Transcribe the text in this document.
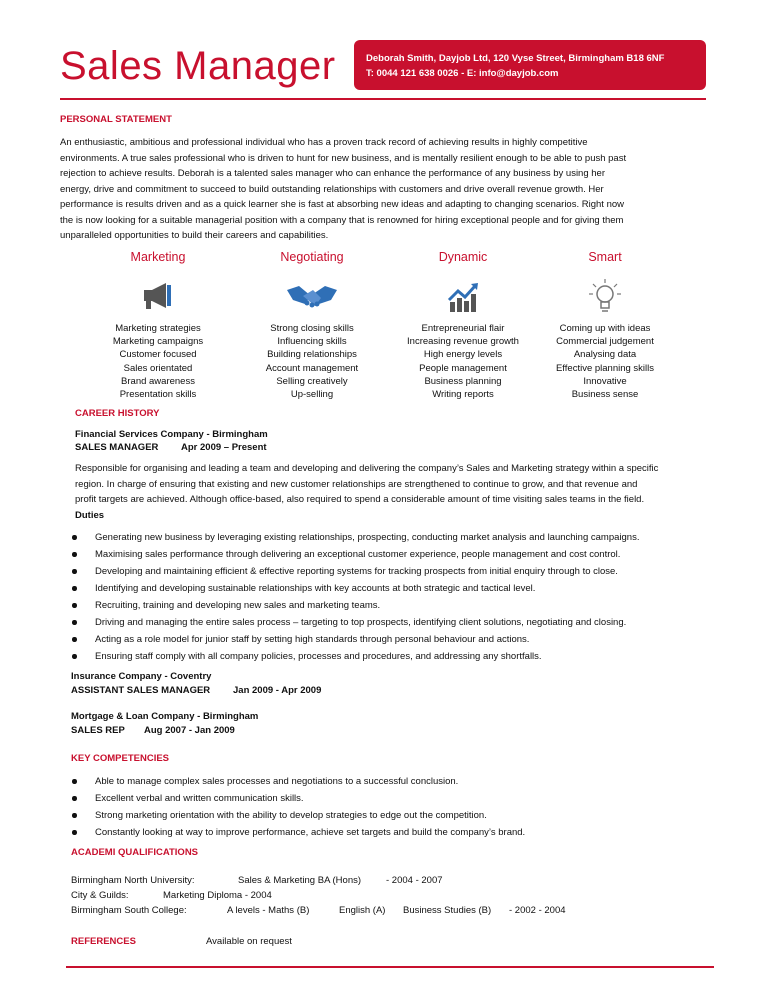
Sales Manager	Deborah Smith, Dayjob Ltd, 120 Vyse Street, Birmingham B18 6NF
T: 0044 121 638 0026 - E: info@dayjob.com
PERSONAL STATEMENT
An enthusiastic, ambitious and professional individual who has a proven track record of achieving results in highly competitive
environments. A true sales professional who is driven to hunt for new business, and is mentally resilient enough to be able to push past
rejection to achieve results. Deborah is a talented sales manager who can enhance the performance of any business by using her
energy, drive and commitment to succeed to build outstanding relationships with customers and drive overall revenue growth. Her
performance is results driven and as a quick learner she is fast at absorbing new ideas and adapting to changing scenarios. Right now
the is now looking for a suitable managerial position with a company that is renowned for hiring exceptional people and for giving them
unparalleled opportunities to build their careers and capabilities.
Marketing
Marketing strategies
Marketing campaigns
Customer focused
Sales orientated
Brand awareness
Presentation skills
Negotiating
Strong closing skills
Influencing skills
Building relationships
Account management
Selling creatively
Up-selling
Dynamic
Entrepreneurial flair
Increasing revenue growth
High energy levels
People management
Business planning
Writing reports
Smart
Coming up with ideas
Commercial judgement
Analysing data
Effective planning skills
Innovative
Business sense
CAREER HISTORY
Financial Services Company - Birmingham
SALES MANAGER Apr 2009 – Present
Responsible for organising and leading a team and developing and delivering the company’s Sales and Marketing strategy within a specific
region. In charge of ensuring that existing and new customer relationships are strengthened to continue to grow, and that revenue and
profit targets are achieved. Although office-based, also required to spend a considerable amount of time visiting sales teams in the field.
Duties
Generating new business by leveraging existing relationships, prospecting, conducting market analysis and launching campaigns.
Maximising sales performance through delivering an exceptional customer experience, people management and cost control.
Developing and maintaining efficient & effective reporting systems for tracking prospects from initial enquiry through to close.
Identifying and developing sustainable relationships with key accounts at both strategic and tactical level.
Recruiting, training and developing new sales and marketing teams.
Driving and managing the entire sales process – targeting to top prospects, identifying client solutions, negotiating and closing.
Acting as a role model for junior staff by setting high standards through personal behaviour and actions.
Ensuring staff comply with all company policies, processes and procedures, and addressing any shortfalls.
Insurance Company - Coventry
ASSISTANT SALES MANAGER Jan 2009 - Apr 2009
Mortgage & Loan Company - Birmingham
SALES REP Aug 2007 - Jan 2009
KEY COMPETENCIES
Able to manage complex sales processes and negotiations to a successful conclusion.
Excellent verbal and written communication skills.
Strong marketing orientation with the ability to develop strategies to edge out the competition.
Constantly looking at way to improve performance, achieve set targets and build the company’s brand.
ACADEMI QUALIFICATIONS
Birmingham North University:	Sales & Marketing BA (Hons)	- 2004 - 2007
City & Guilds:	Marketing Diploma - 2004
Birmingham South College:	A levels - Maths (B)	English (A) Business Studies (B) - 2002 - 2004
REFERENCES	Available on request
